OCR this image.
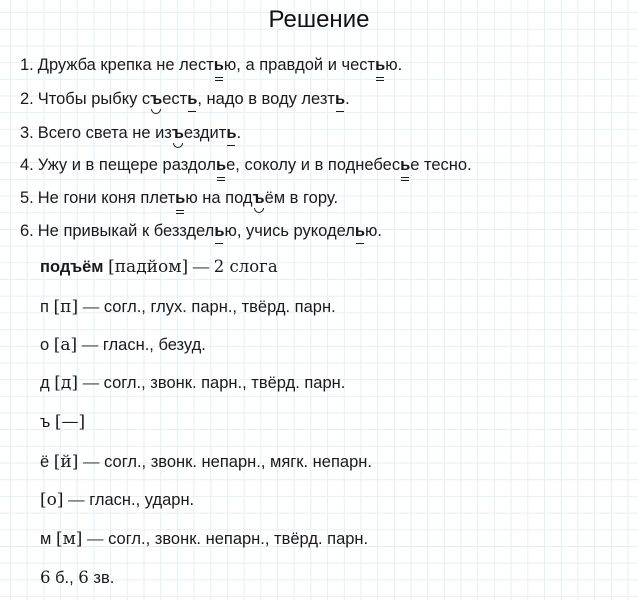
Решение
1. Дружба крепка не лестью, а правдой и честью.
2. Чтобы рыбку съесть, надо в воду лезть.
3. Всего света не изъездить.
4. Ужу и в пещере раздолье, соколу и в поднебесье тесно.
5. Не гони коня плетью на подъём в гору.
6. Не привыкай к беззделью, учись рукоделью.
подъём [падйом] — 2 слога
п [п] — согл., глух. парн., твёрд. парн.
о [а] — гласн., безуд.
д [д] — согл., звонк. парн., твёрд. парн.
ъ [—]
ё [й] — согл., звонк. непарн., мягк. непарн.
[о] — гласн., ударн.
м [м] — согл., звонк. непарн., твёрд. парн.
6 б., 6 зв.
